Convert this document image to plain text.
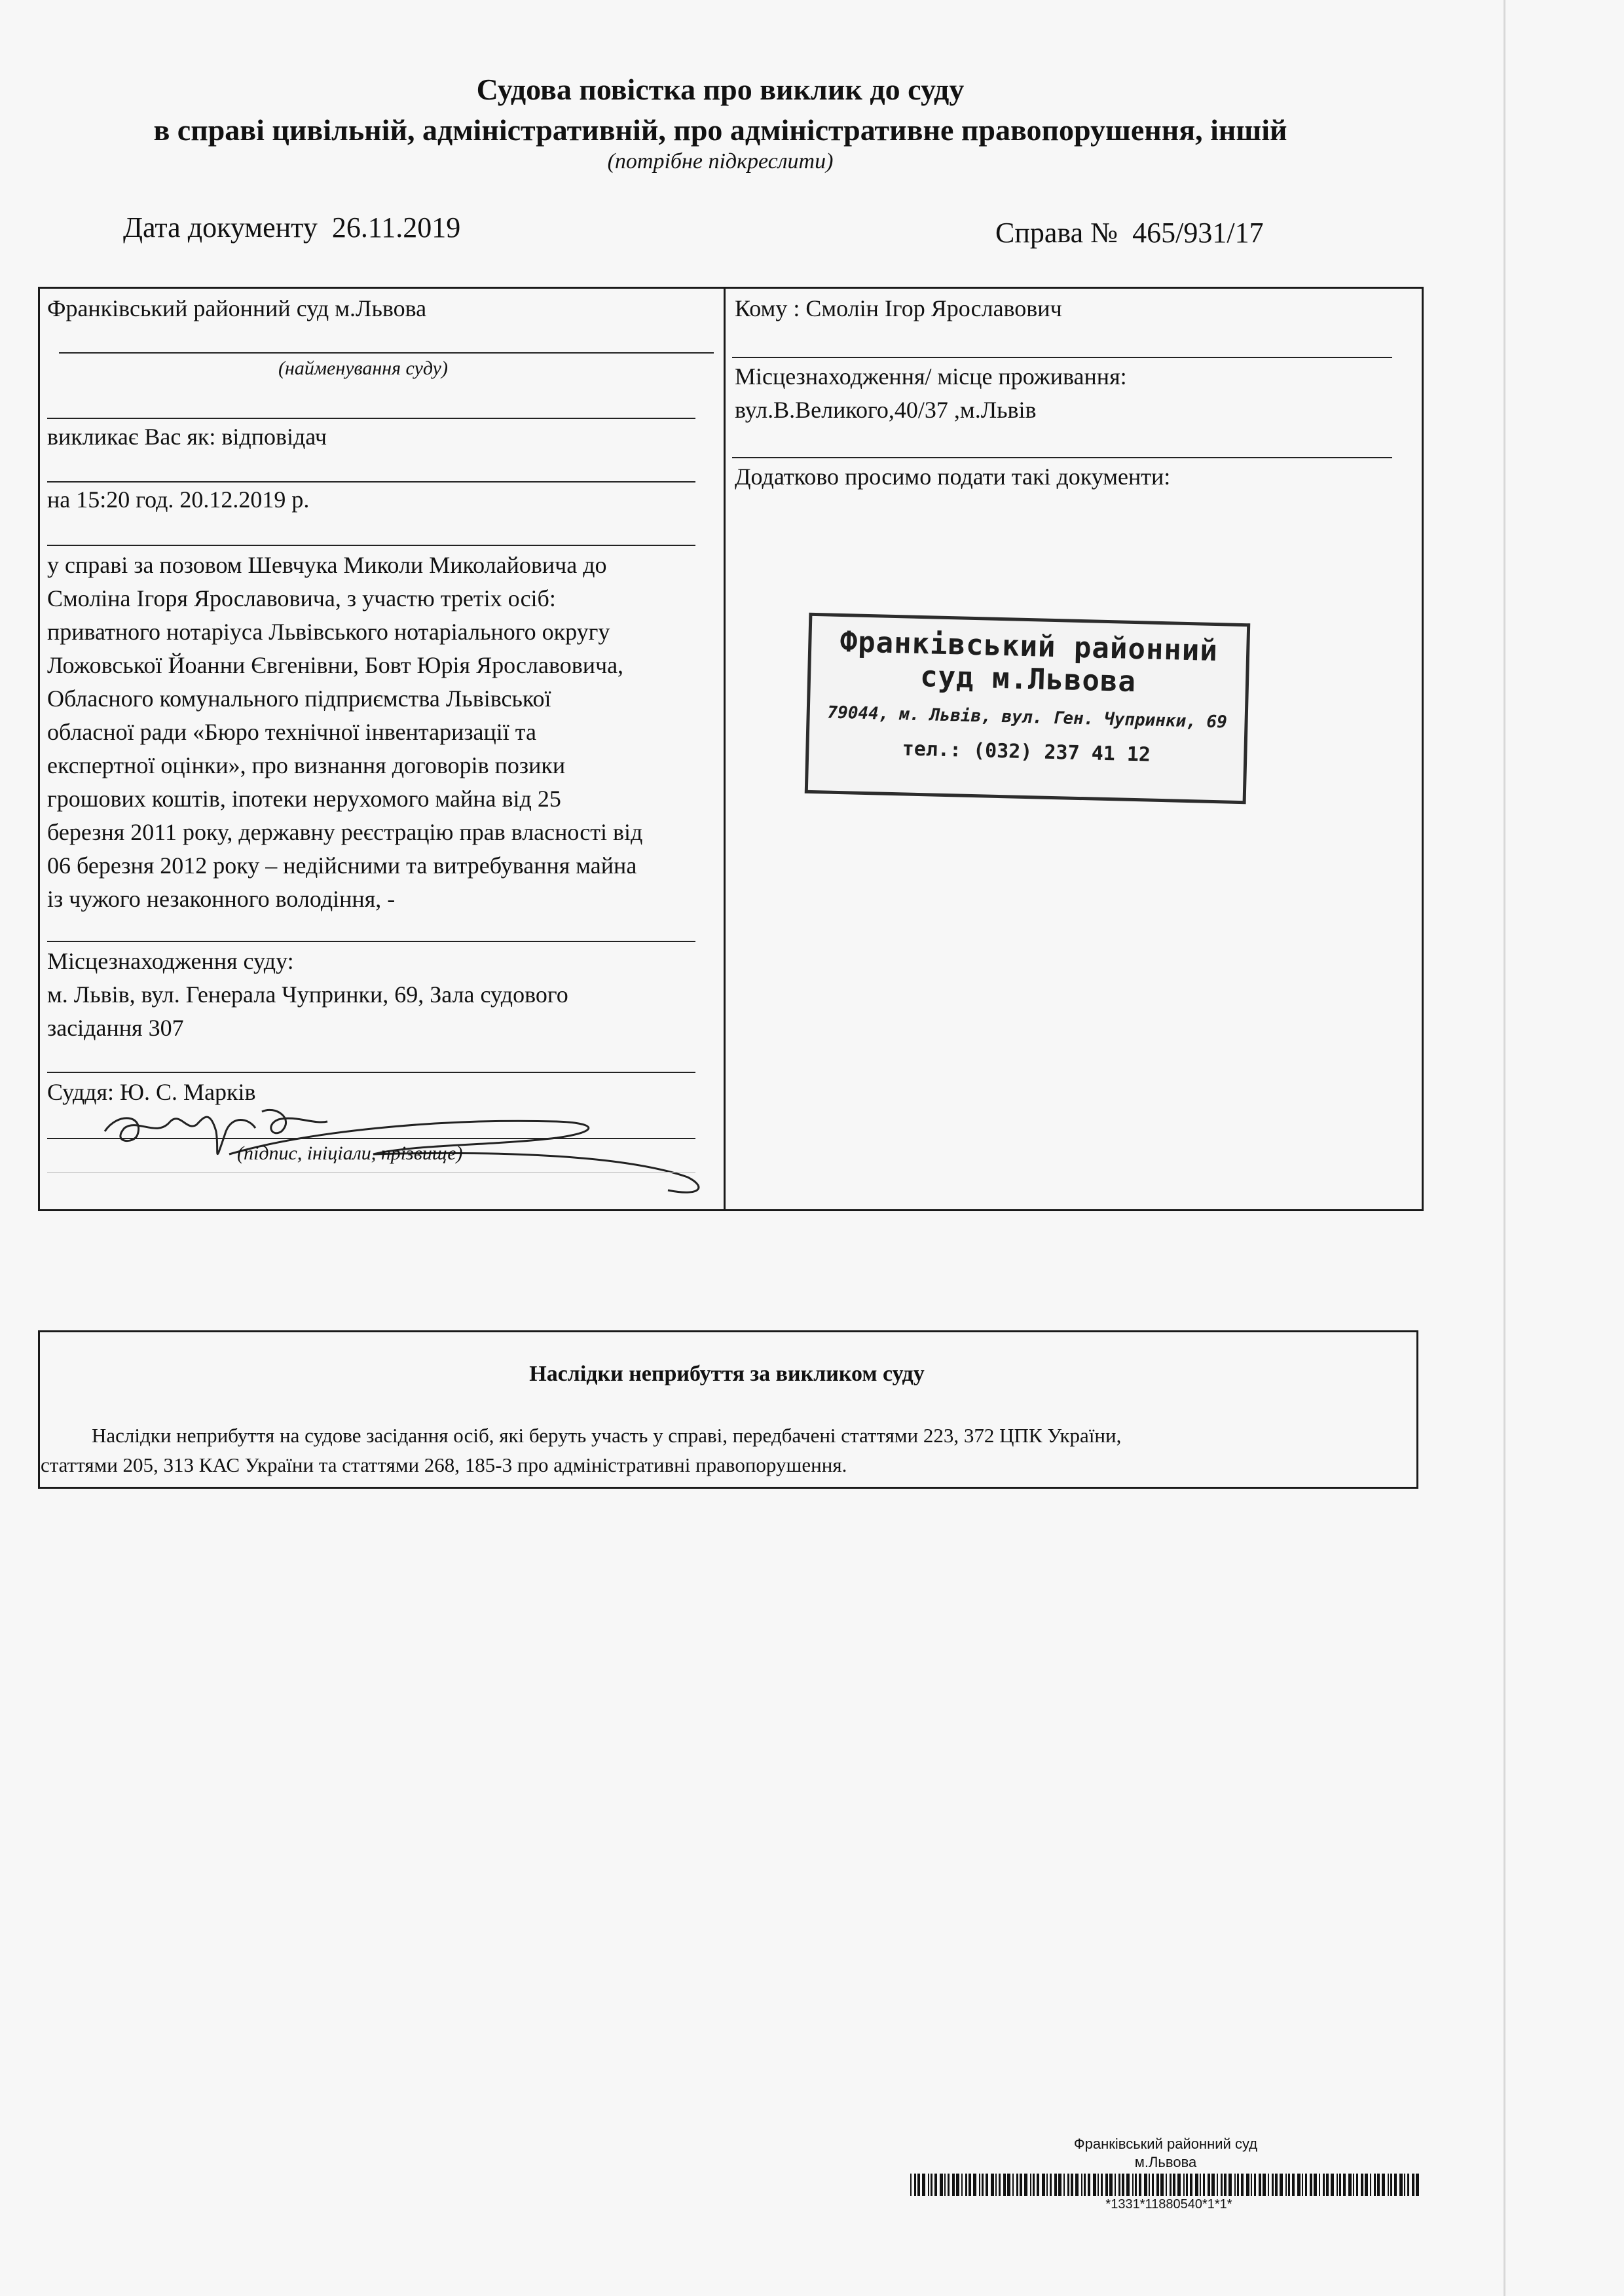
Судова повістка про виклик до суду
в справі цивільній, адміністративній, про адміністративне правопорушення, іншій
(потрібне підкреслити)
Дата документу 26.11.2019	Справа № 465/931/17
Франківський районний суд м.Львова
(найменування суду)
викликає Вас як: відповідач
на 15:20 год. 20.12.2019 р.
у справі за позовом Шевчука Миколи Миколайовича до
Смоліна Ігоря Ярославовича, з участю третіх осіб:
приватного нотаріуса Львівського нотаріального округу
Ложовської Йоанни Євгенівни, Бовт Юрія Ярославовича,
Обласного комунального підприємства Львівської
обласної ради «Бюро технічної інвентаризації та
експертної оцінки», про визнання договорів позики
грошових коштів, іпотеки нерухомого майна від 25
березня 2011 року, державну реєстрацію прав власності від
06 березня 2012 року – недійсними та витребування майна
із чужого незаконного володіння, -
Місцезнаходження суду:
м. Львів, вул. Генерала Чупринки, 69, Зала судового
засідання 307
Суддя: Ю. С. Марків
(підпис, ініціали, прізвище)
Кому : Смолін Ігор Ярославович
Місцезнаходження/ місце проживання:
вул.В.Великого,40/37 ,м.Львів
Додатково просимо подати такі документи:
Франківський районний
суд м.Львова
79044, м. Львів, вул. Ген. Чупринки, 69
тел.: (032) 237 41 12
Наслідки неприбуття за викликом суду
Наслідки неприбуття на судове засідання осіб, які беруть участь у справі, передбачені статтями 223, 372 ЦПК України,
статтями 205, 313 КАС України та статтями 268, 185-3 про адміністративні правопорушення.
Франківський районний суд
м.Львова
*1331*11880540*1*1*
